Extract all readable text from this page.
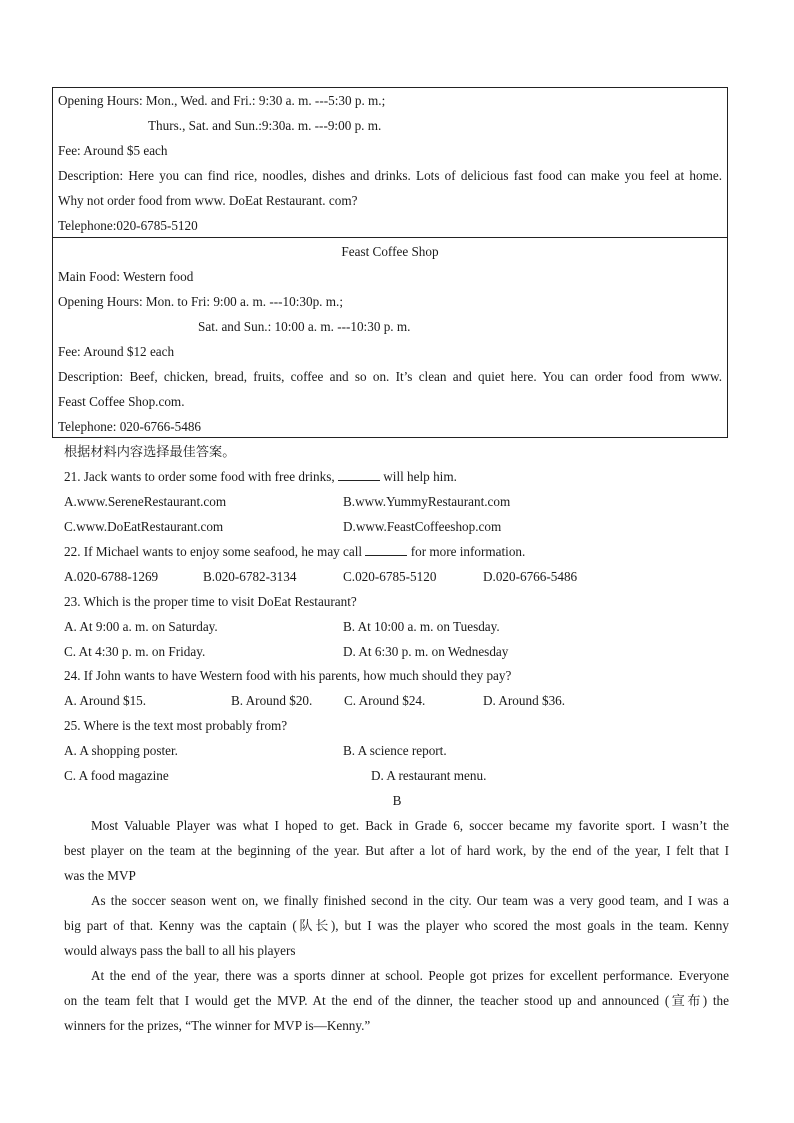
Opening Hours: Mon., Wed. and Fri.: 9:30 a. m. ---5:30 p. m.;
Thurs., Sat. and Sun.:9:30a. m. ---9:00 p. m.
Fee: Around $5 each
Description: Here you can find rice, noodles, dishes and drinks. Lots of delicious fast food can make you feel at home.
Why not order food from www. DoEat Restaurant. com?
Telephone:020-6785-5120
Feast Coffee Shop
Main Food: Western food
Opening Hours: Mon. to Fri: 9:00 a. m. ---10:30p. m.;
Sat. and Sun.: 10:00 a. m. ---10:30 p. m.
Fee: Around $12 each
Description: Beef, chicken, bread, fruits, coffee and so on. It’s clean and quiet here. You can order food from www.
Feast Coffee Shop.com.
Telephone: 020-6766-5486
根据材料内容选择最佳答案。
21. Jack wants to order some food with free drinks,	will help him.
A.www.SereneRestaurant.com	B.www.YummyRestaurant.com
C.www.DoEatRestaurant.com	D.www.FeastCoffeeshop.com
22. If Michael wants to enjoy some seafood, he may call	for more information.
A.020-6788-1269	B.020-6782-3134	C.020-6785-5120	D.020-6766-5486
23. Which is the proper time to visit DoEat Restaurant?
A. At 9:00 a. m. on Saturday.	B. At 10:00 a. m. on Tuesday.
C. At 4:30 p. m. on Friday.	D. At 6:30 p. m. on Wednesday
24. If John wants to have Western food with his parents, how much should they pay?
A. Around $15.	B. Around $20. C. Around $24.	D. Around $36.
25. Where is the text most probably from?
A. A shopping poster.	B. A science report.
C. A food magazine	D. A restaurant menu.
B
Most Valuable Player was what I hoped to get. Back in Grade 6, soccer became my favorite sport. I wasn’t the
best player on the team at the beginning of the year. But after a lot of hard work, by the end of the year, I felt that I
was the MVP
As the soccer season went on, we finally finished second in the city. Our team was a very good team, and I was a
big part of that. Kenny was the captain (队长), but I was the player who scored the most goals in the team. Kenny
would always pass the ball to all his players
At the end of the year, there was a sports dinner at school. People got prizes for excellent performance. Everyone
on the team felt that I would get the MVP. At the end of the dinner, the teacher stood up and announced (宣布) the
winners for the prizes, “The winner for MVP is—Kenny.”
